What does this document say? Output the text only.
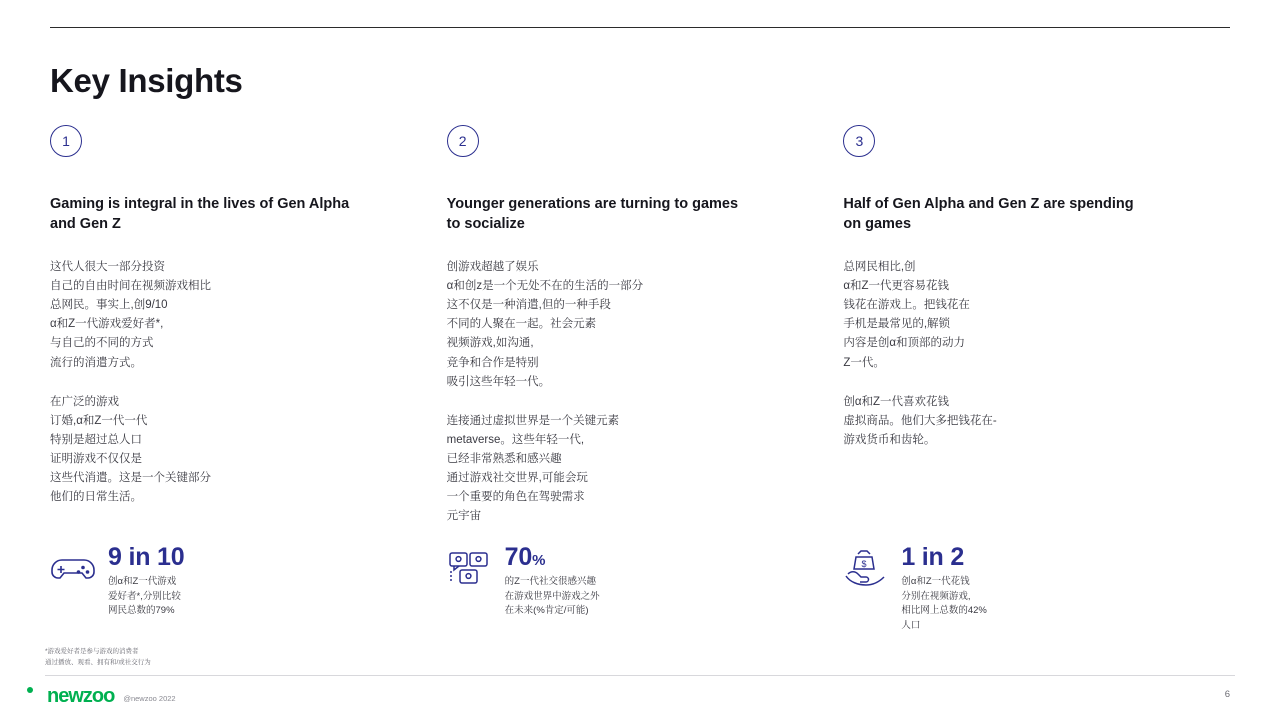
Key Insights
1
Gaming is integral in the lives of Gen Alpha and Gen Z
这代人很大一部分投资
自己的自由时间在视频游戏相比
总网民。事实上,创9/10
α和Z一代游戏爱好者*,
与自己的不同的方式
流行的消遣方式。
在广泛的游戏
订婚,α和Z一代一代
特别是超过总人口
证明游戏不仅仅是
这些代消遣。这是一个关键部分
他们的日常生活。
9 in 10
创α和Z一代游戏
爱好者*,分别比较
网民总数的79%
2
Younger generations are turning to games to socialize
创游戏超越了娱乐
α和创z是一个无处不在的生活的一部分
这不仅是一种消遣,但的一种手段
不同的人聚在一起。社会元素
视频游戏,如沟通,
竞争和合作是特别
吸引这些年轻一代。
连接通过虚拟世界是一个关键元素
metaverse。这些年轻一代,
已经非常熟悉和感兴趣
通过游戏社交世界,可能会玩
一个重要的角色在驾驶需求
元宇宙
70%
的Z一代社交很感兴趣
在游戏世界中游戏之外
在未来(%肯定/可能)
3
Half of Gen Alpha and Gen Z are spending on games
总网民相比,创
α和Z一代更容易花钱
钱花在游戏上。把钱花在
手机是最常见的,解锁
内容是创α和顶部的动力
Z一代。
创α和Z一代喜欢花钱
虚拟商品。他们大多把钱花在-
游戏货币和齿轮。
$ 1 in 2
创α和Z一代花钱
分别在视频游戏,
相比网上总数的42%
人口
*游戏爱好者是参与游戏的消费者
通过播放、观看、拥有和/或社交行为
newzoo @newzoo 2022	6
